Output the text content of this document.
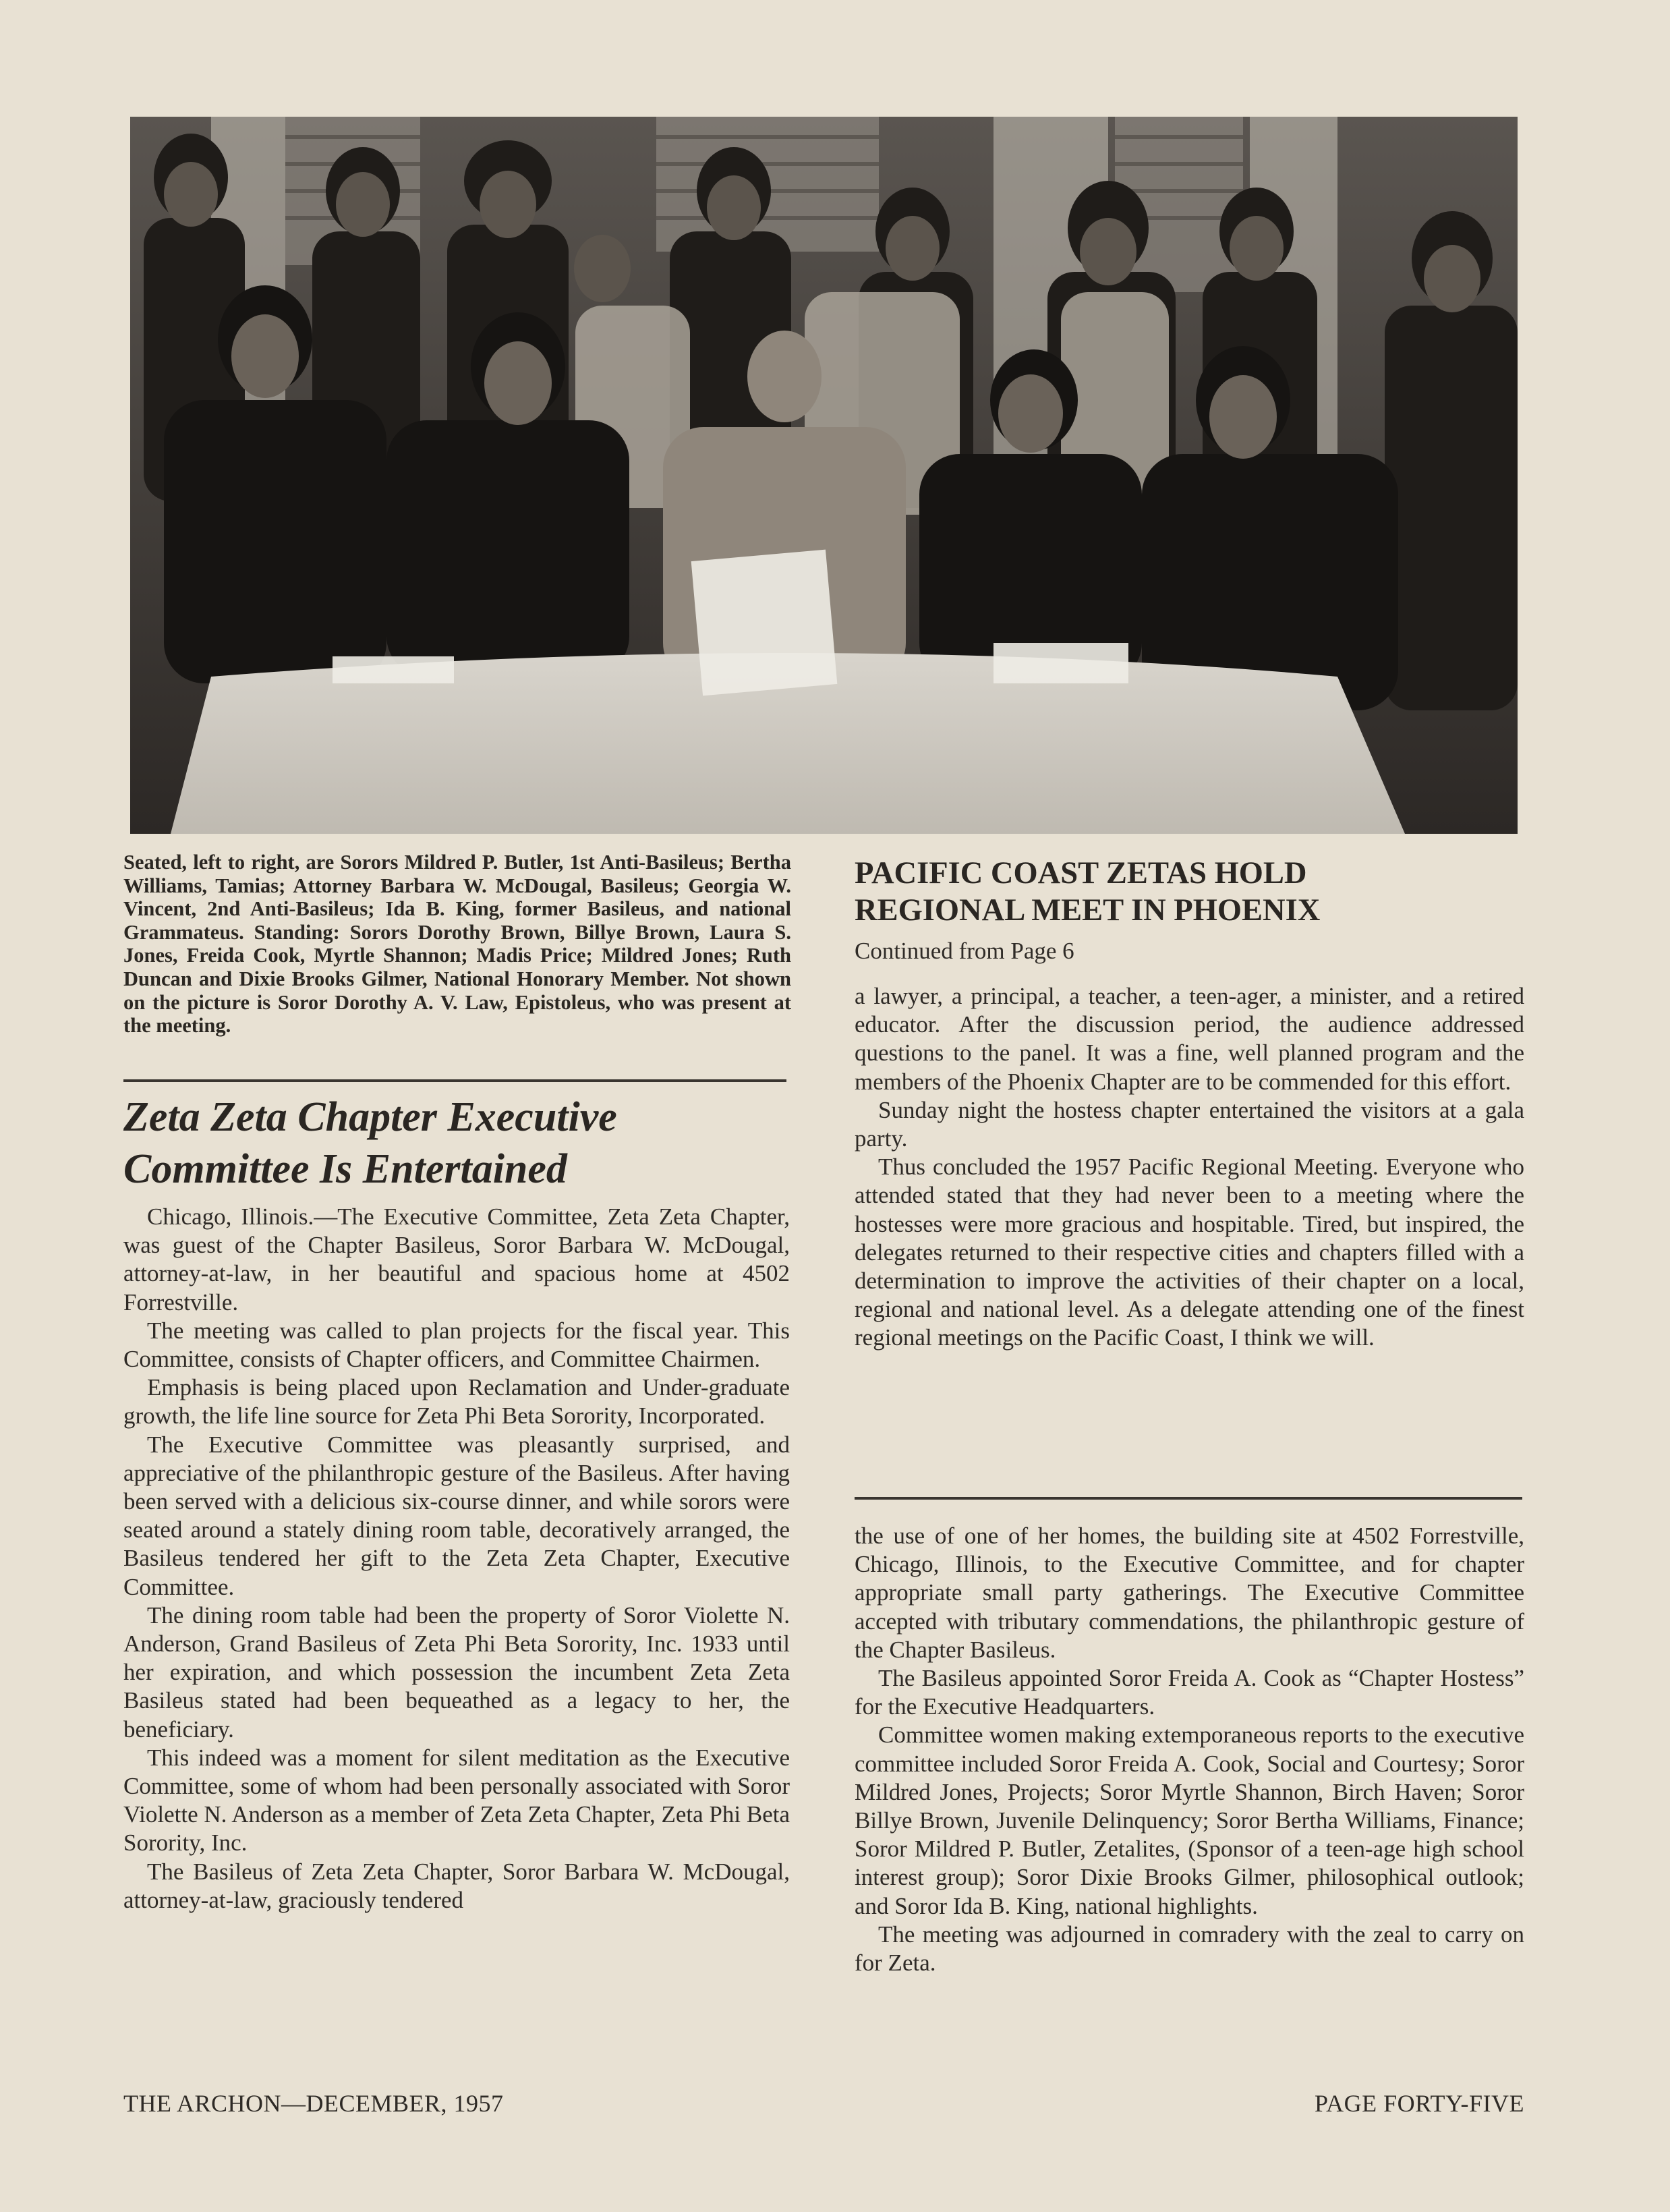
Seated, left to right, are Sorors Mildred P. Butler, 1st Anti-Basileus; Bertha Williams, Tamias; Attorney Barbara W. McDougal, Basileus; Georgia W. Vincent, 2nd Anti-Basileus; Ida B. King, former Basileus, and national Grammateus. Standing: Sorors Dorothy Brown, Billye Brown, Laura S. Jones, Freida Cook, Myrtle Shannon; Madis Price; Mildred Jones; Ruth Duncan and Dixie Brooks Gilmer, National Honorary Member. Not shown on the picture is Soror Dorothy A. V. Law, Epistoleus, who was present at the meeting.

Zeta Zeta Chapter Executive
Committee Is Entertained

Chicago, Illinois.—The Executive Committee, Zeta Zeta Chapter, was guest of the Chapter Basileus, Soror Barbara W. McDougal, attorney-at-law, in her beautiful and spacious home at 4502 Forrestville.

The meeting was called to plan projects for the fiscal year. This Committee, consists of Chapter officers, and Committee Chairmen.

Emphasis is being placed upon Reclamation and Under-graduate growth, the life line source for Zeta Phi Beta Sorority, Incorporated.

The Executive Committee was pleasantly surprised, and appreciative of the philanthropic gesture of the Basileus. After having been served with a delicious six-course dinner, and while sorors were seated around a stately dining room table, decoratively arranged, the Basileus tendered her gift to the Zeta Zeta Chapter, Executive Committee.

The dining room table had been the property of Soror Violette N. Anderson, Grand Basileus of Zeta Phi Beta Sorority, Inc. 1933 until her expiration, and which possession the incumbent Zeta Zeta Basileus stated had been bequeathed as a legacy to her, the beneficiary.

This indeed was a moment for silent meditation as the Executive Committee, some of whom had been personally associated with Soror Violette N. Anderson as a member of Zeta Zeta Chapter, Zeta Phi Beta Sorority, Inc.

The Basileus of Zeta Zeta Chapter, Soror Barbara W. McDougal, attorney-at-law, graciously tendered

PACIFIC COAST ZETAS HOLD
REGIONAL MEET IN PHOENIX
Continued from Page 6

a lawyer, a principal, a teacher, a teen-ager, a minister, and a retired educator. After the discussion period, the audience addressed questions to the panel. It was a fine, well planned program and the members of the Phoenix Chapter are to be commended for this effort.

Sunday night the hostess chapter entertained the visitors at a gala party.

Thus concluded the 1957 Pacific Regional Meeting. Everyone who attended stated that they had never been to a meeting where the hostesses were more gracious and hospitable. Tired, but inspired, the delegates returned to their respective cities and chapters filled with a determination to improve the activities of their chapter on a local, regional and national level. As a delegate attending one of the finest regional meetings on the Pacific Coast, I think we will.

the use of one of her homes, the building site at 4502 Forrestville, Chicago, Illinois, to the Executive Committee, and for chapter appropriate small party gatherings. The Executive Committee accepted with tributary commendations, the philanthropic gesture of the Chapter Basileus.

The Basileus appointed Soror Freida A. Cook as “Chapter Hostess” for the Executive Headquarters.

Committee women making extemporaneous reports to the executive committee included Soror Freida A. Cook, Social and Courtesy; Soror Mildred Jones, Projects; Soror Myrtle Shannon, Birch Haven; Soror Billye Brown, Juvenile Delinquency; Soror Bertha Williams, Finance; Soror Mildred P. Butler, Zetalites, (Sponsor of a teen-age high school interest group); Soror Dixie Brooks Gilmer, philosophical outlook; and Soror Ida B. King, national highlights.

The meeting was adjourned in comradery with the zeal to carry on for Zeta.

THE ARCHON—DECEMBER, 1957	PAGE FORTY-FIVE
